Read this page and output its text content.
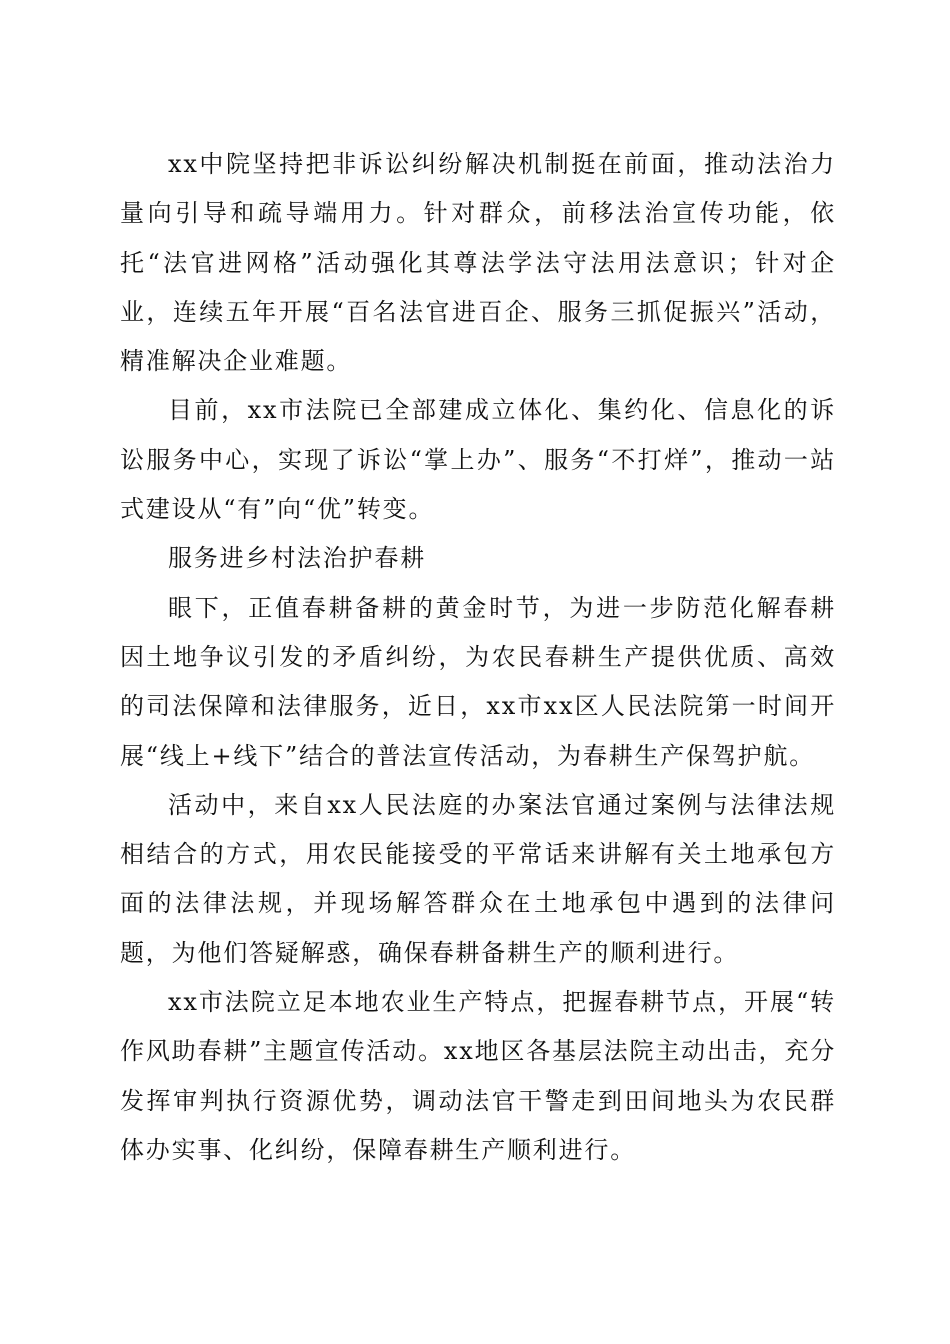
xx中院坚持把非诉讼纠纷解决机制挺在前面，推动法治力量向引导和疏导端用力。针对群众，前移法治宣传功能，依托“法官进网格”活动强化其尊法学法守法用法意识；针对企业，连续五年开展“百名法官进百企、服务三抓促振兴”活动，精准解决企业难题。

目前，xx市法院已全部建成立体化、集约化、信息化的诉讼服务中心，实现了诉讼“掌上办”、服务“不打烊”，推动一站式建设从“有”向“优”转变。

服务进乡村法治护春耕

眼下，正值春耕备耕的黄金时节，为进一步防范化解春耕因土地争议引发的矛盾纠纷，为农民春耕生产提供优质、高效的司法保障和法律服务，近日，xx市xx区人民法院第一时间开展“线上+线下”结合的普法宣传活动，为春耕生产保驾护航。

活动中，来自xx人民法庭的办案法官通过案例与法律法规相结合的方式，用农民能接受的平常话来讲解有关土地承包方面的法律法规，并现场解答群众在土地承包中遇到的法律问题，为他们答疑解惑，确保春耕备耕生产的顺利进行。

xx市法院立足本地农业生产特点，把握春耕节点，开展“转作风助春耕”主题宣传活动。xx地区各基层法院主动出击，充分发挥审判执行资源优势，调动法官干警走到田间地头为农民群体办实事、化纠纷，保障春耕生产顺利进行。
